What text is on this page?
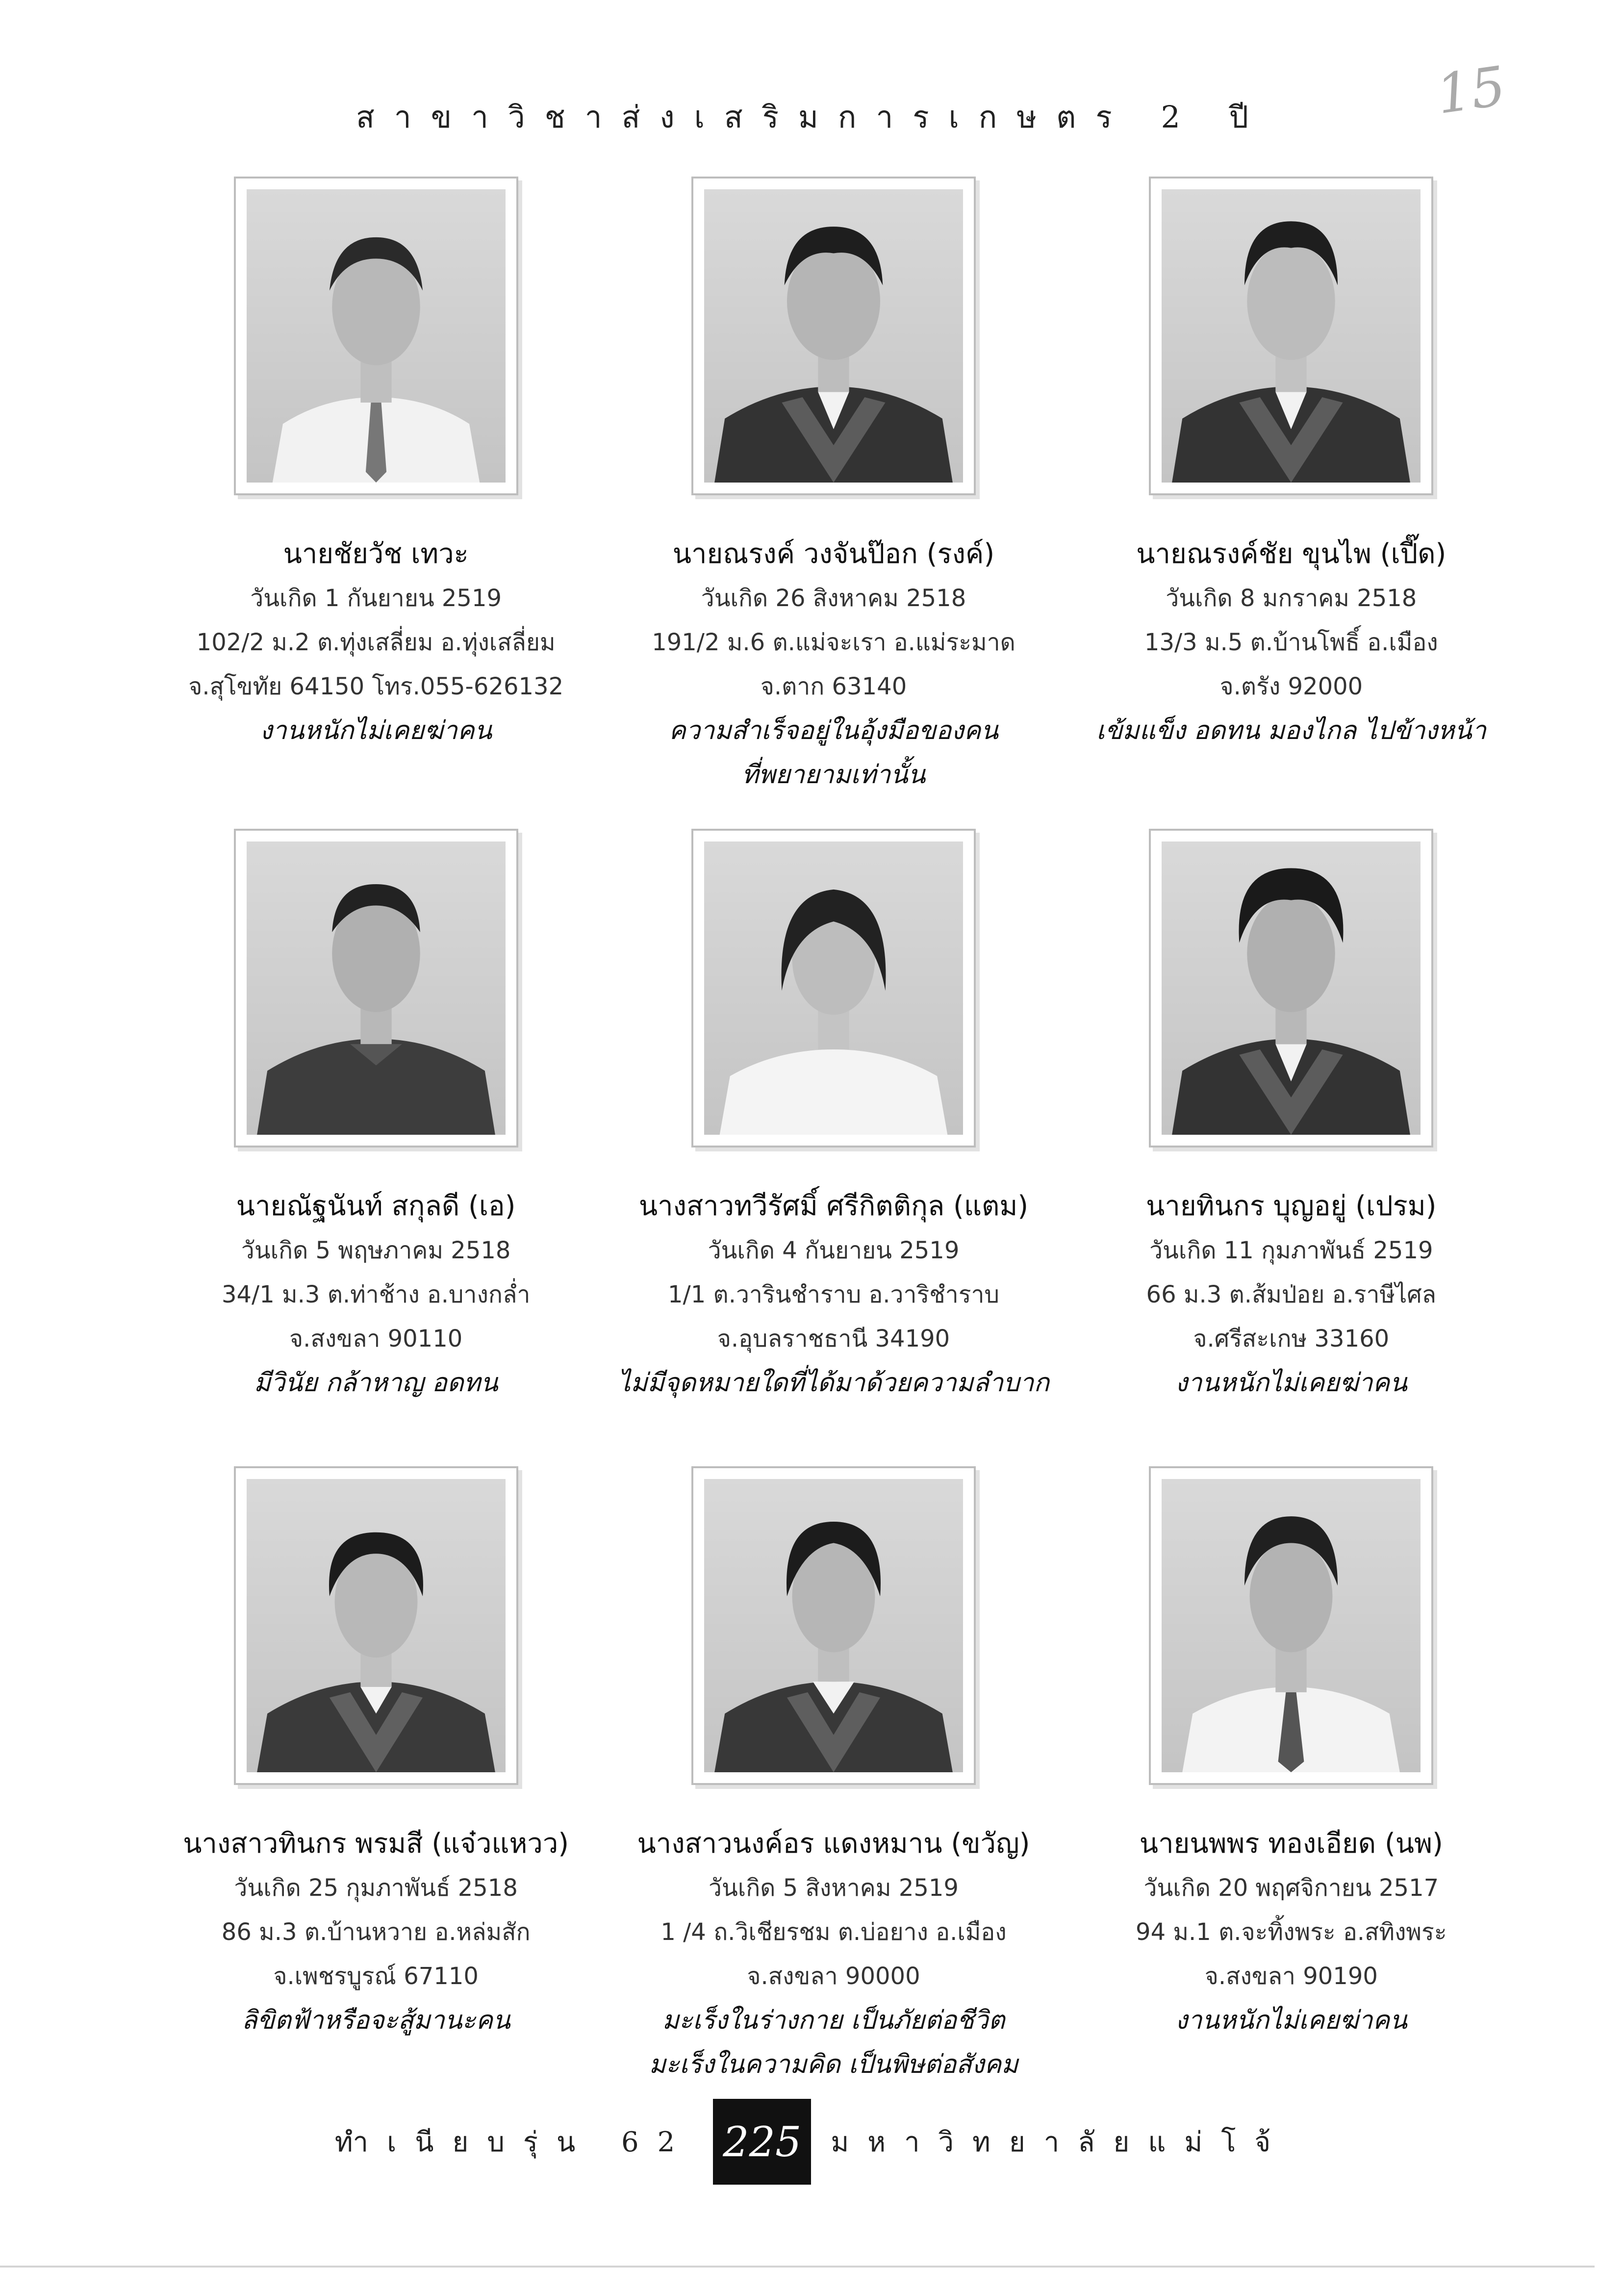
สาขาวิชาส่งเสริมการเกษตร 2 ปี	15
นายชัยวัช เทวะ
วันเกิด 1 กันยายน 2519
102/2 ม.2 ต.ทุ่งเสลี่ยม อ.ทุ่งเสลี่ยม
จ.สุโขทัย 64150 โทร.055-626132
งานหนักไม่เคยฆ่าคน
นายณรงค์ วงจันป๊อก (รงค์)
วันเกิด 26 สิงหาคม 2518
191/2 ม.6 ต.แม่จะเรา อ.แม่ระมาด
จ.ตาก 63140
ความสำเร็จอยู่ในอุ้งมือของคน
ที่พยายามเท่านั้น
นายณรงค์ชัย ขุนไพ (เปี๊ด)
วันเกิด 8 มกราคม 2518
13/3 ม.5 ต.บ้านโพธิ์ อ.เมือง
จ.ตรัง 92000
เข้มแข็ง อดทน มองไกล ไปข้างหน้า
นายณัฐนันท์ สกุลดี (เอ)
วันเกิด 5 พฤษภาคม 2518
34/1 ม.3 ต.ท่าช้าง อ.บางกล่ำ
จ.สงขลา 90110
มีวินัย กล้าหาญ อดทน
นางสาวทวีรัศมิ์ ศรีกิตติกุล (แตม)
วันเกิด 4 กันยายน 2519
1/1 ต.วารินชำราบ อ.วาริชำราบ
จ.อุบลราชธานี 34190
ไม่มีจุดหมายใดที่ได้มาด้วยความลำบาก
นายทินกร บุญอยู่ (เปรม)
วันเกิด 11 กุมภาพันธ์ 2519
66 ม.3 ต.ส้มป่อย อ.ราษีไศล
จ.ศรีสะเกษ 33160
งานหนักไม่เคยฆ่าคน
นางสาวทินกร พรมสี (แจ๋วแหวว)
วันเกิด 25 กุมภาพันธ์ 2518
86 ม.3 ต.บ้านหวาย อ.หล่มสัก
จ.เพชรบูรณ์ 67110
ลิขิตฟ้าหรือจะสู้มานะคน
นางสาวนงค์อร แดงหมาน (ขวัญ)
วันเกิด 5 สิงหาคม 2519
1 /4 ถ.วิเชียรชม ต.บ่อยาง อ.เมือง
จ.สงขลา 90000
มะเร็งในร่างกาย เป็นภัยต่อชีวิต
มะเร็งในความคิด เป็นพิษต่อสังคม
นายนพพร ทองเอียด (นพ)
วันเกิด 20 พฤศจิกายน 2517
94 ม.1 ต.จะทิ้งพระ อ.สทิงพระ
จ.สงขลา 90190
งานหนักไม่เคยฆ่าคน
ทำเนียบรุ่น 62 225	มหาวิทยาลัยแม่โจ้
